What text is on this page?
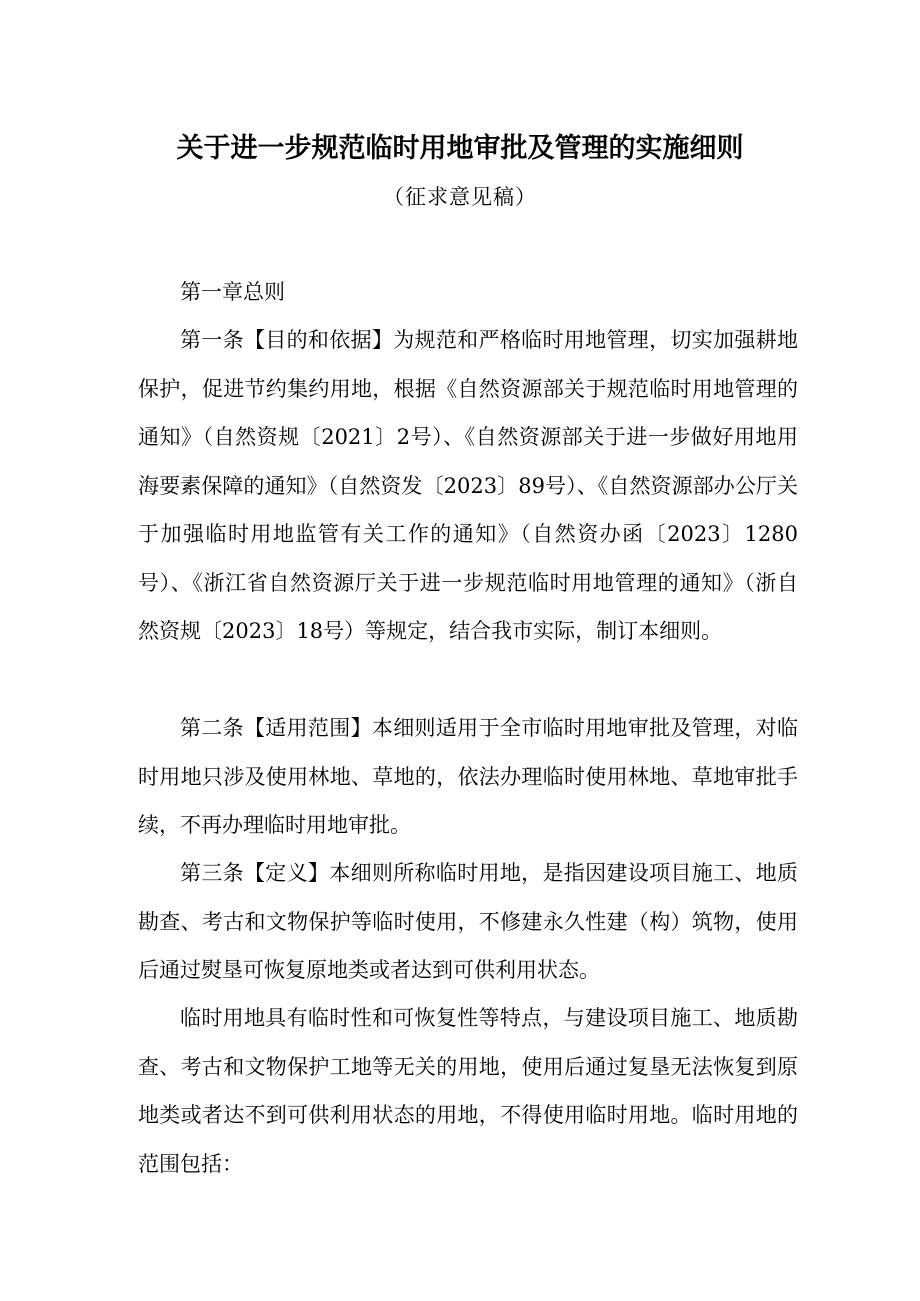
关于进一步规范临时用地审批及管理的实施细则
（征求意见稿）

第一章总则

第一条【目的和依据】为规范和严格临时用地管理，切实加强耕地保护，促进节约集约用地，根据《自然资源部关于规范临时用地管理的通知》（自然资规〔2021〕2号）、《自然资源部关于进一步做好用地用海要素保障的通知》（自然资发〔2023〕89号）、《自然资源部办公厅关于加强临时用地监管有关工作的通知》（自然资办函〔2023〕1280号）、《浙江省自然资源厅关于进一步规范临时用地管理的通知》（浙自然资规〔2023〕18号）等规定，结合我市实际，制订本细则。

第二条【适用范围】本细则适用于全市临时用地审批及管理，对临时用地只涉及使用林地、草地的，依法办理临时使用林地、草地审批手续，不再办理临时用地审批。

第三条【定义】本细则所称临时用地，是指因建设项目施工、地质勘查、考古和文物保护等临时使用，不修建永久性建（构）筑物，使用后通过熨垦可恢复原地类或者达到可供利用状态。

临时用地具有临时性和可恢复性等特点，与建设项目施工、地质勘查、考古和文物保护工地等无关的用地，使用后通过复垦无法恢复到原地类或者达不到可供利用状态的用地，不得使用临时用地。临时用地的范围包括：
